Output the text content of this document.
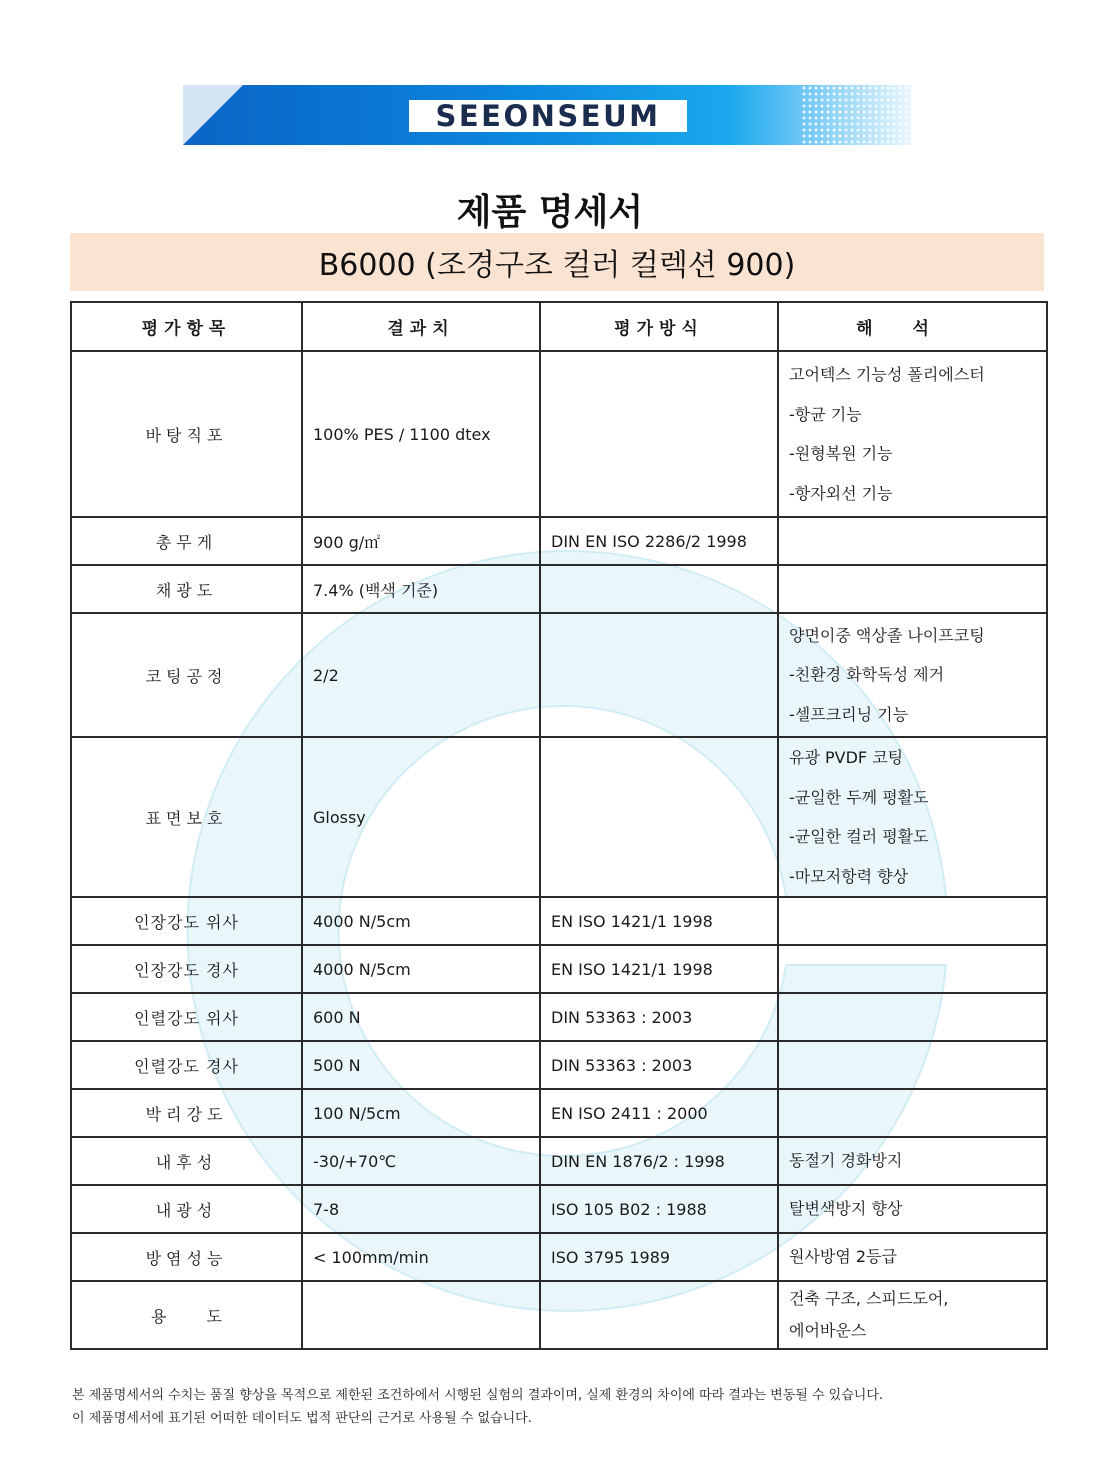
SEEONSEUM
제품 명세서
B6000 (조경구조 컬러 컬렉션 900)
평가항목	결과치	평가방식	해석
바탕직포	100% PES / 1100 dtex		고어텍스 기능성 폴리에스터
-항균 기능
-원형복원 기능
-항자외선 기능

총무게	900 g/㎡	DIN EN ISO 2286/2 1998	
채광도	7.4% (백색 기준)		
코팅공정	2/2		양면이중 액상졸 나이프코팅
-친환경 화학독성 제거
-셀프크리닝 기능

표면보호	Glossy		유광 PVDF 코팅
-균일한 두께 평활도
-균일한 컬러 평활도
-마모저항력 향상

인장강도 위사	4000 N/5cm	EN ISO 1421/1 1998	
인장강도 경사	4000 N/5cm	EN ISO 1421/1 1998	
인렬강도 위사	600 N	DIN 53363 : 2003	
인렬강도 경사	500 N	DIN 53363 : 2003	
박리강도	100 N/5cm	EN ISO 2411 : 2000	
내후성	-30/+70℃	DIN EN 1876/2 : 1998	동절기 경화방지

내광성	7-8	ISO 105 B02 : 1988	탈변색방지 향상

방염성능	< 100mm/min	ISO 3795 1989	원사방염 2등급

용도			건축 구조, 스피드도어,
에어바운스
본 제품명세서의 수치는 품질 향상을 목적으로 제한된 조건하에서 시행된 실험의 결과이며, 실제 환경의 차이에 따라 결과는 변동될 수 있습니다.
이 제품명세서에 표기된 어떠한 데이터도 법적 판단의 근거로 사용될 수 없습니다.
